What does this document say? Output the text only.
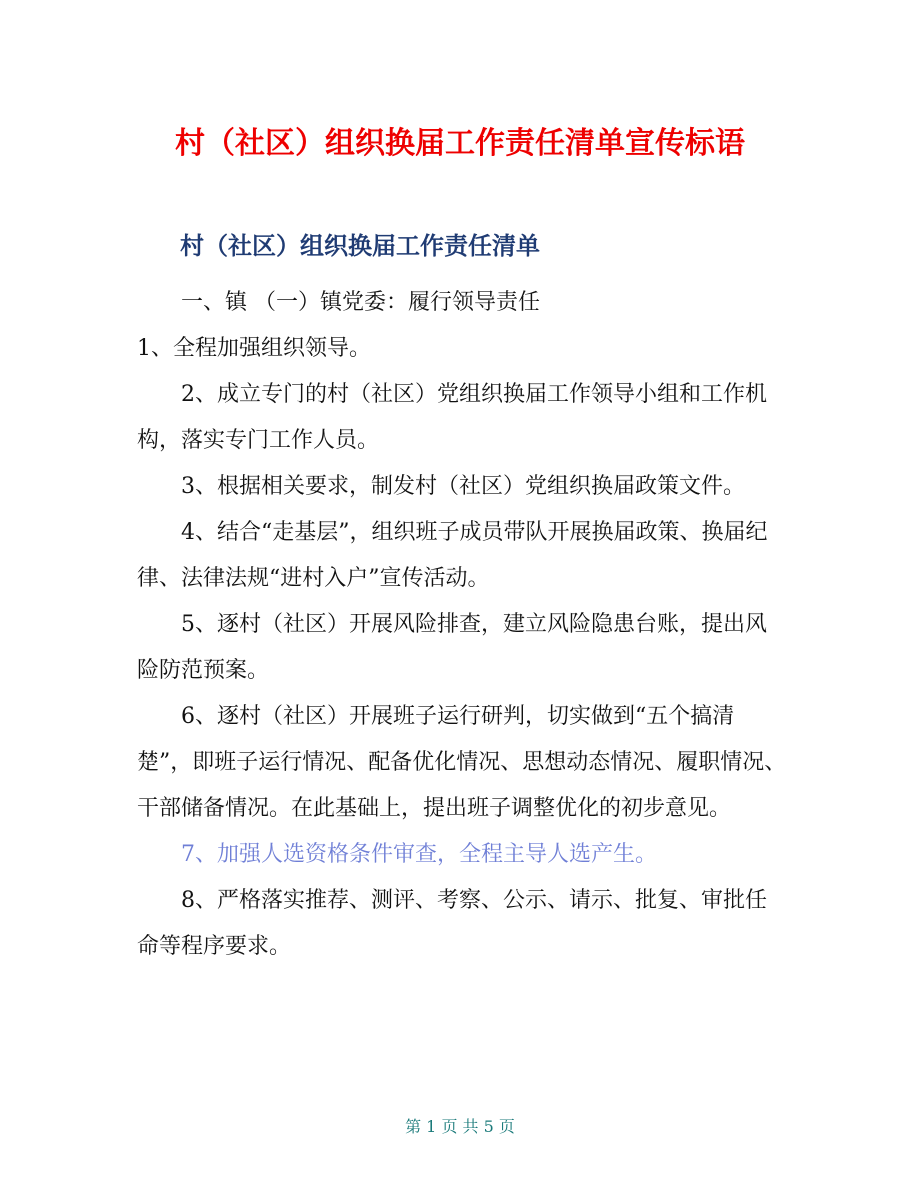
村（社区）组织换届工作责任清单宣传标语
村（社区）组织换届工作责任清单

一、镇 （一）镇党委：履行领导责任

1、全程加强组织领导。

2、成立专门的村（社区）党组织换届工作领导小组和工作机构，落实专门工作人员。

3、根据相关要求，制发村（社区）党组织换届政策文件。

4、结合“走基层”，组织班子成员带队开展换届政策、换届纪律、法律法规“进村入户”宣传活动。

5、逐村（社区）开展风险排查，建立风险隐患台账，提出风险防范预案。

6、逐村（社区）开展班子运行研判，切实做到“五个搞清楚”，即班子运行情况、配备优化情况、思想动态情况、履职情况、干部储备情况。在此基础上，提出班子调整优化的初步意见。

7、加强人选资格条件审查，全程主导人选产生。

8、严格落实推荐、测评、考察、公示、请示、批复、审批任命等程序要求。

第 1 页 共 5 页
